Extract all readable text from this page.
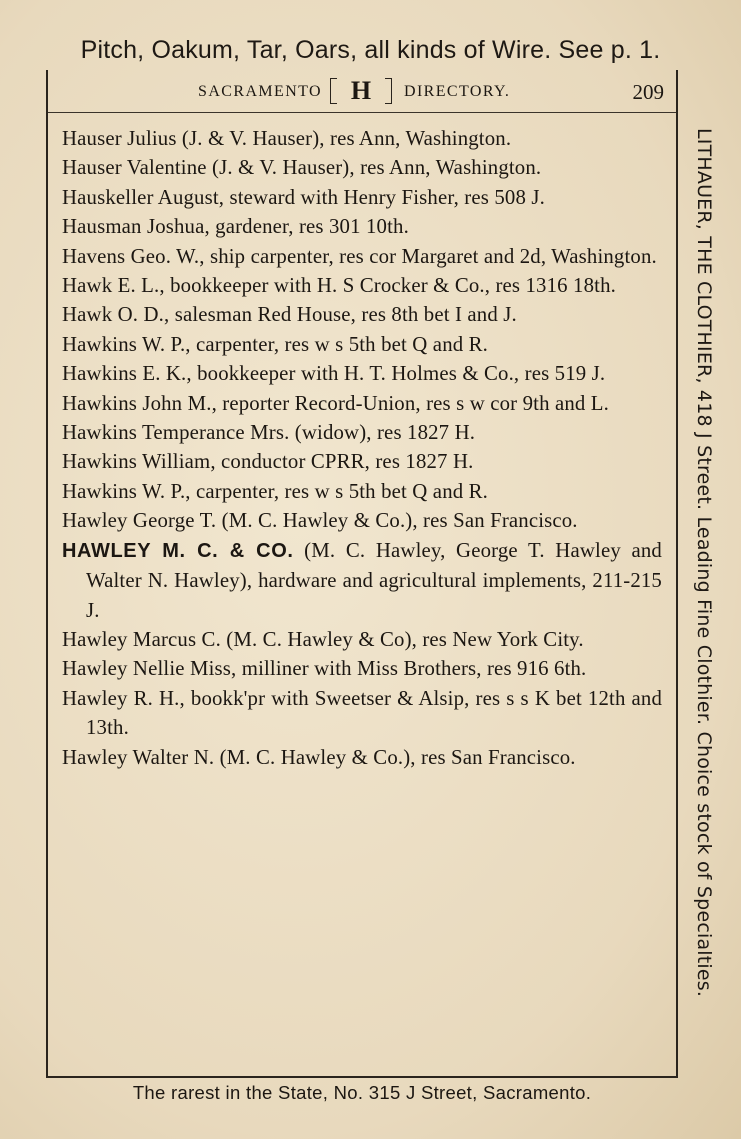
Pitch, Oakum, Tar, Oars, all kinds of Wire. See p. 1.
SACRAMENTO	H	DIRECTORY.	209
Hauser Julius (J. & V. Hauser), res Ann, Washington.
Hauser Valentine (J. & V. Hauser), res Ann, Washington.
Hauskeller August, steward with Henry Fisher, res 508 J.
Hausman Joshua, gardener, res 301 10th.
Havens Geo. W., ship carpenter, res cor Margaret and 2d, Washington.
Hawk E. L., bookkeeper with H. S Crocker & Co., res 1316 18th.
Hawk O. D., salesman Red House, res 8th bet I and J.
Hawkins W. P., carpenter, res w s 5th bet Q and R.
Hawkins E. K., bookkeeper with H. T. Holmes & Co., res 519 J.
Hawkins John M., reporter Record-Union, res s w cor 9th and L.
Hawkins Temperance Mrs. (widow), res 1827 H.
Hawkins William, conductor CPRR, res 1827 H.
Hawkins W. P., carpenter, res w s 5th bet Q and R.
Hawley George T. (M. C. Hawley & Co.), res San Francisco.
HAWLEY M. C. & CO. (M. C. Hawley, George T. Hawley and Walter N. Hawley), hardware and agricultural implements, 211-215 J.
Hawley Marcus C. (M. C. Hawley & Co), res New York City.
Hawley Nellie Miss, milliner with Miss Brothers, res 916 6th.
Hawley R. H., bookk'pr with Sweetser & Alsip, res s s K bet 12th and 13th.
Hawley Walter N. (M. C. Hawley & Co.), res San Francisco.	LITHAUER, THE CLOTHIER, 418 J Street. Leading Fine Clothier. Choice stock of Specialties.
The rarest in the State, No. 315 J Street, Sacramento.
